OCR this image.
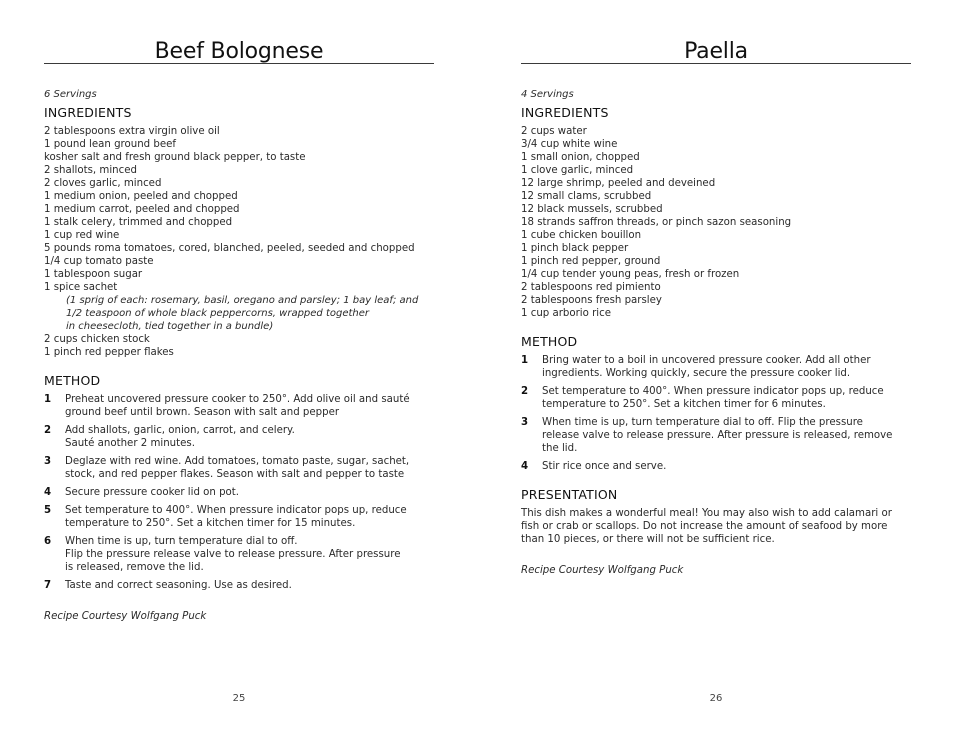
Beef Bolognese
6 Servings
INGREDIENTS
2 tablespoons extra virgin olive oil
1 pound lean ground beef
kosher salt and fresh ground black pepper, to taste
2 shallots, minced
2 cloves garlic, minced
1 medium onion, peeled and chopped
1 medium carrot, peeled and chopped
1 stalk celery, trimmed and chopped
1 cup red wine
5 pounds roma tomatoes, cored, blanched, peeled, seeded and chopped
1/4 cup tomato paste
1 tablespoon sugar
1 spice sachet
(1 sprig of each: rosemary, basil, oregano and parsley; 1 bay leaf; and
1/2 teaspoon of whole black peppercorns, wrapped together
in cheesecloth, tied together in a bundle)
2 cups chicken stock
1 pinch red pepper flakes
METHOD
1	Preheat uncovered pressure cooker to 250°. Add olive oil and sauté
ground beef until brown. Season with salt and pepper
2	Add shallots, garlic, onion, carrot, and celery.
Sauté another 2 minutes.
3	Deglaze with red wine. Add tomatoes, tomato paste, sugar, sachet,
stock, and red pepper flakes. Season with salt and pepper to taste
4	Secure pressure cooker lid on pot.
5	Set temperature to 400°. When pressure indicator pops up, reduce
temperature to 250°. Set a kitchen timer for 15 minutes.
6	When time is up, turn temperature dial to off.
Flip the pressure release valve to release pressure. After pressure
is released, remove the lid.
7	Taste and correct seasoning. Use as desired.
Recipe Courtesy Wolfgang Puck
25
Paella
4 Servings
INGREDIENTS
2 cups water
3/4 cup white wine
1 small onion, chopped
1 clove garlic, minced
12 large shrimp, peeled and deveined
12 small clams, scrubbed
12 black mussels, scrubbed
18 strands saffron threads, or pinch sazon seasoning
1 cube chicken bouillon
1 pinch black pepper
1 pinch red pepper, ground
1/4 cup tender young peas, fresh or frozen
2 tablespoons red pimiento
2 tablespoons fresh parsley
1 cup arborio rice
METHOD
1	Bring water to a boil in uncovered pressure cooker. Add all other
ingredients. Working quickly, secure the pressure cooker lid.
2	Set temperature to 400°. When pressure indicator pops up, reduce
temperature to 250°. Set a kitchen timer for 6 minutes.
3	When time is up, turn temperature dial to off. Flip the pressure
release valve to release pressure. After pressure is released, remove
the lid.
4	Stir rice once and serve.
PRESENTATION
This dish makes a wonderful meal! You may also wish to add calamari or
fish or crab or scallops. Do not increase the amount of seafood by more
than 10 pieces, or there will not be sufficient rice.
Recipe Courtesy Wolfgang Puck
26
